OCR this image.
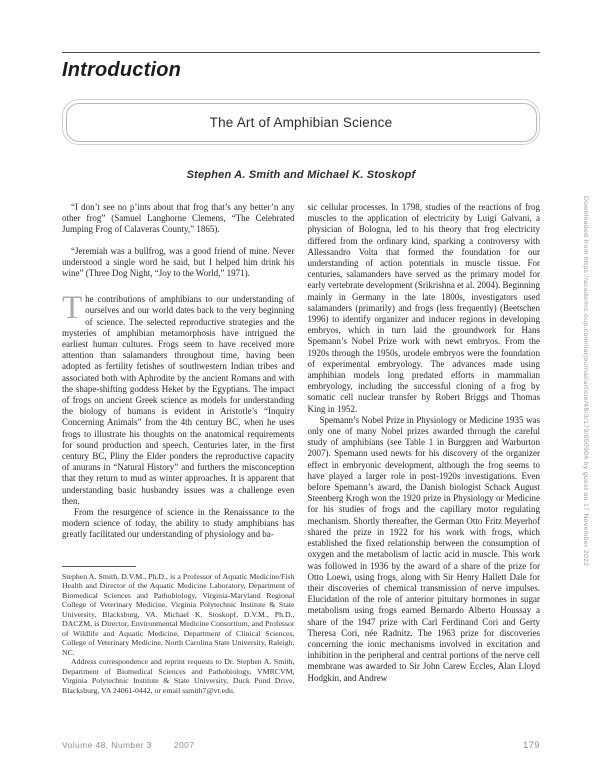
Downloaded from https://academic.oup.com/ilarjournal/article/48/3/179/650904 by guest on 17 November 2022
Introduction
The Art of Amphibian Science
Stephen A. Smith and Michael K. Stoskopf

“I don’t see no p’ints about that frog that’s any better’n any other frog” (Samuel Langhorne Clemens, “The Celebrated Jumping Frog of Calaveras County,” 1865).

“Jeremiah was a bullfrog, was a good friend of mine. Never understood a single word he said, but I helped him drink his wine” (Three Dog Night, “Joy to the World,” 1971).

The contributions of amphibians to our understanding of ourselves and our world dates back to the very beginning of science. The selected reproductive strategies and the mysteries of amphibian metamorphosis have intrigued the earliest human cultures. Frogs seem to have received more attention than salamanders throughout time, having been adopted as fertility fetishes of southwestern Indian tribes and associated both with Aphrodite by the ancient Romans and with the shape-shifting goddess Heket by the Egyptians. The impact of frogs on ancient Greek science as models for understanding the biology of humans is evident in Aristotle’s “Inquiry Concerning Animals” from the 4th century BC, when he uses frogs to illustrate his thoughts on the anatomical requirements for sound production and speech. Centuries later, in the first century BC, Pliny the Elder ponders the reproductive capacity of anurans in “Natural History” and furthers the misconception that they return to mud as winter approaches. It is apparent that understanding basic husbandry issues was a challenge even then.

From the resurgence of science in the Renaissance to the modern science of today, the ability to study amphibians has greatly facilitated our understanding of physiology and ba-

Stephen A. Smith, D.V.M., Ph.D., is a Professor of Aquatic Medicine/Fish Health and Director of the Aquatic Medicine Laboratory, Department of Biomedical Sciences and Pathobiology, Virginia-Maryland Regional College of Veterinary Medicine, Virginia Polytechnic Institute & State University, Blacksburg, VA. Michael K. Stoskopf, D.V.M., Ph.D., DACZM, is Director, Environmental Medicine Consortium, and Professor of Wildlife and Aquatic Medicine, Department of Clinical Sciences, College of Veterinary Medicine, North Carolina State University, Raleigh, NC.

Address correspondence and reprint requests to Dr. Stephen A. Smith, Department of Biomedical Sciences and Pathobiology, VMRCVM, Virginia Polytechnic Institute & State University, Duck Pond Drive, Blacksburg, VA 24061-0442, or email ssmith7@vt.edu.

sic cellular processes. In 1798, studies of the reactions of frog muscles to the application of electricity by Luigi Galvani, a physician of Bologna, led to his theory that frog electricity differed from the ordinary kind, sparking a controversy with Allessandro Volta that formed the foundation for our understanding of action potentials in muscle tissue. For centuries, salamanders have served as the primary model for early vertebrate development (Srikrishna et al. 2004). Beginning mainly in Germany in the late 1800s, investigators used salamanders (primarily) and frogs (less frequently) (Beetschen 1996) to identify organizer and inducer regions in developing embryos, which in turn laid the groundwork for Hans Spemann’s Nobel Prize work with newt embryos. From the 1920s through the 1950s, urodele embryos were the foundation of experimental embryology. The advances made using amphibian models long predated efforts in mammalian embryology, including the successful cloning of a frog by somatic cell nuclear transfer by Robert Briggs and Thomas King in 1952.

Spemann’s Nobel Prize in Physiology or Medicine 1935 was only one of many Nobel prizes awarded through the careful study of amphibians (see Table 1 in Burggren and Warburton 2007). Spemann used newts for his discovery of the organizer effect in embryonic development, although the frog seems to have played a larger role in post-1920s investigations. Even before Spemann’s award, the Danish biologist Schack August Steenberg Krogh won the 1920 prize in Physiology or Medicine for his studies of frogs and the capillary motor regulating mechanism. Shortly thereafter, the German Otto Fritz Meyerhof shared the prize in 1922 for his work with frogs, which established the fixed relationship between the consumption of oxygen and the metabolism of lactic acid in muscle. This work was followed in 1936 by the award of a share of the prize for Otto Loewi, using frogs, along with Sir Henry Hallett Dale for their discoveries of chemical transmission of nerve impulses. Elucidation of the role of anterior pituitary hormones in sugar metabolism using frogs earned Bernardo Alberto Houssay a share of the 1947 prize with Carl Ferdinand Cori and Gerty Theresa Cori, née Radnitz. The 1963 prize for discoveries concerning the ionic mechanisms involved in excitation and inhibition in the peripheral and central portions of the nerve cell membrane was awarded to Sir John Carew Eccles, Alan Lloyd Hodgkin, and Andrew

Volume 48, Number 3	2007	179
